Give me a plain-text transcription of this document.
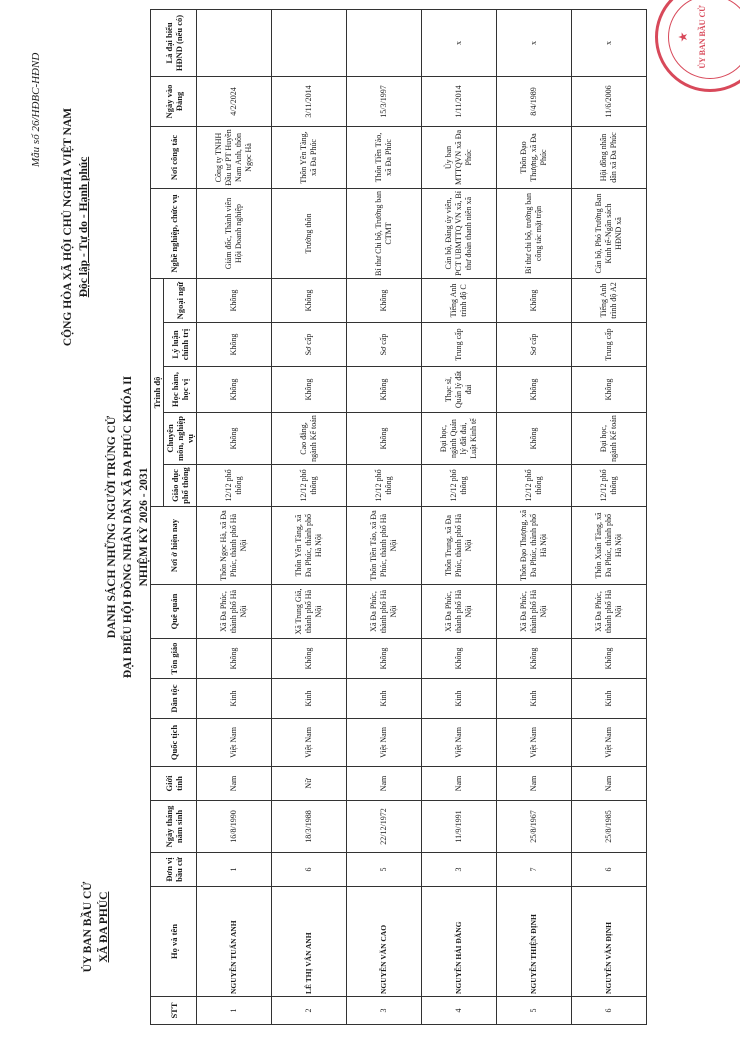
Mẫu số 26/HĐBC-HĐND
ỦY BAN BẦU CỬ XÃ ĐA PHÚC
CỘNG HÒA XÃ HỘI CHỦ NGHĨA VIỆT NAM Độc lập - Tự do - Hạnh phúc
DANH SÁCH NHỮNG NGƯỜI TRÚNG CỬ ĐẠI BIỂU HỘI ĐỒNG NHÂN DÂN XÃ ĐA PHÚC KHÓA II NHIỆM KỲ 2026 - 2031
★ ỦY BAN BẦU CỬ
STT	Họ và tên	Đơn vị bầu cử	Ngày tháng năm sinh	Giới tính	Quốc tịch	Dân tộc	Tôn giáo	Quê quán	Nơi ở hiện nay	Trình độ					Nghề nghiệp, chức vụ	Nơi công tác	Ngày vào Đảng	Là đại biểu HĐND (nếu có)
										Giáo dục phổ thông	Chuyên môn, nghiệp vụ	Học hàm, học vị	Lý luận chính trị	Ngoại ngữ				
1	NGUYỄN TUẤN ANH	1	16/8/1990	Nam	Việt Nam	Kinh	Không	Xã Đa Phúc, thành phố Hà Nội	Thôn Ngọc Hà, xã Đa Phúc, thành phố Hà Nội	12/12 phổ thông	Không	Không	Không	Không	Giám đốc, Thành viên Hội Doanh nghiệp	Công ty TNHH Đầu tư PT Huyền Nam Anh, thôn Ngọc Hà	4/2/2024	
2	LÊ THỊ VÂN ANH	6	18/3/1988	Nữ	Việt Nam	Kinh	Không	Xã Trung Giã, thành phố Hà Nội	Thôn Yên Tàng, xã Đa Phúc, thành phố Hà Nội	12/12 phổ thông	Cao đẳng, ngành Kế toán	Không	Sơ cấp	Không	Trưởng thôn	Thôn Yên Tàng, xã Đa Phúc	3/11/2014	
3	NGUYỄN VĂN CAO	5	22/12/1972	Nam	Việt Nam	Kinh	Không	Xã Đa Phúc, thành phố Hà Nội	Thôn Tiền Tảo, xã Đa Phúc, thành phố Hà Nội	12/12 phổ thông	Không	Không	Sơ cấp	Không	Bí thư Chi bộ, Trưởng ban CTMT	Thôn Tiền Tảo, xã Đa Phúc	15/3/1997	
4	NGUYỄN HẢI ĐĂNG	3	11/9/1991	Nam	Việt Nam	Kinh	Không	Xã Đa Phúc, thành phố Hà Nội	Thôn Trung, xã Đa Phúc, thành phố Hà Nội	12/12 phổ thông	Đại học, ngành Quản lý đất đai, Luật Kinh tế	Thạc sĩ, Quản lý đất đai	Trung cấp	Tiếng Anh trình độ C	Cán bộ, Đảng ủy viên, PCT UBMTTQ VN xã, Bí thư đoàn thanh niên xã	Ủy ban MTTQVN xã Đa Phúc	1/11/2014	x
5	NGUYỄN THIỆN ĐỊNH	7	25/8/1967	Nam	Việt Nam	Kinh	Không	Xã Đa Phúc, thành phố Hà Nội	Thôn Đạo Thượng, xã Đa Phúc, thành phố Hà Nội	12/12 phổ thông	Không	Không	Sơ cấp	Không	Bí thư chi bộ, trưởng ban công tác mặt trận	Thôn Đạo Thượng, xã Đa Phúc	8/4/1989	x
6	NGUYỄN VĂN ĐỊNH	6	25/8/1985	Nam	Việt Nam	Kinh	Không	Xã Đa Phúc, thành phố Hà Nội	Thôn Xuân Tàng, xã Đa Phúc, thành phố Hà Nội	12/12 phổ thông	Đại học, ngành Kế toán	Không	Trung cấp	Tiếng Anh trình độ A2	Cán bộ, Phó Trưởng Ban Kinh tế-Ngân sách HĐND xã	Hội đồng nhân dân xã Đa Phúc	11/6/2006	x
